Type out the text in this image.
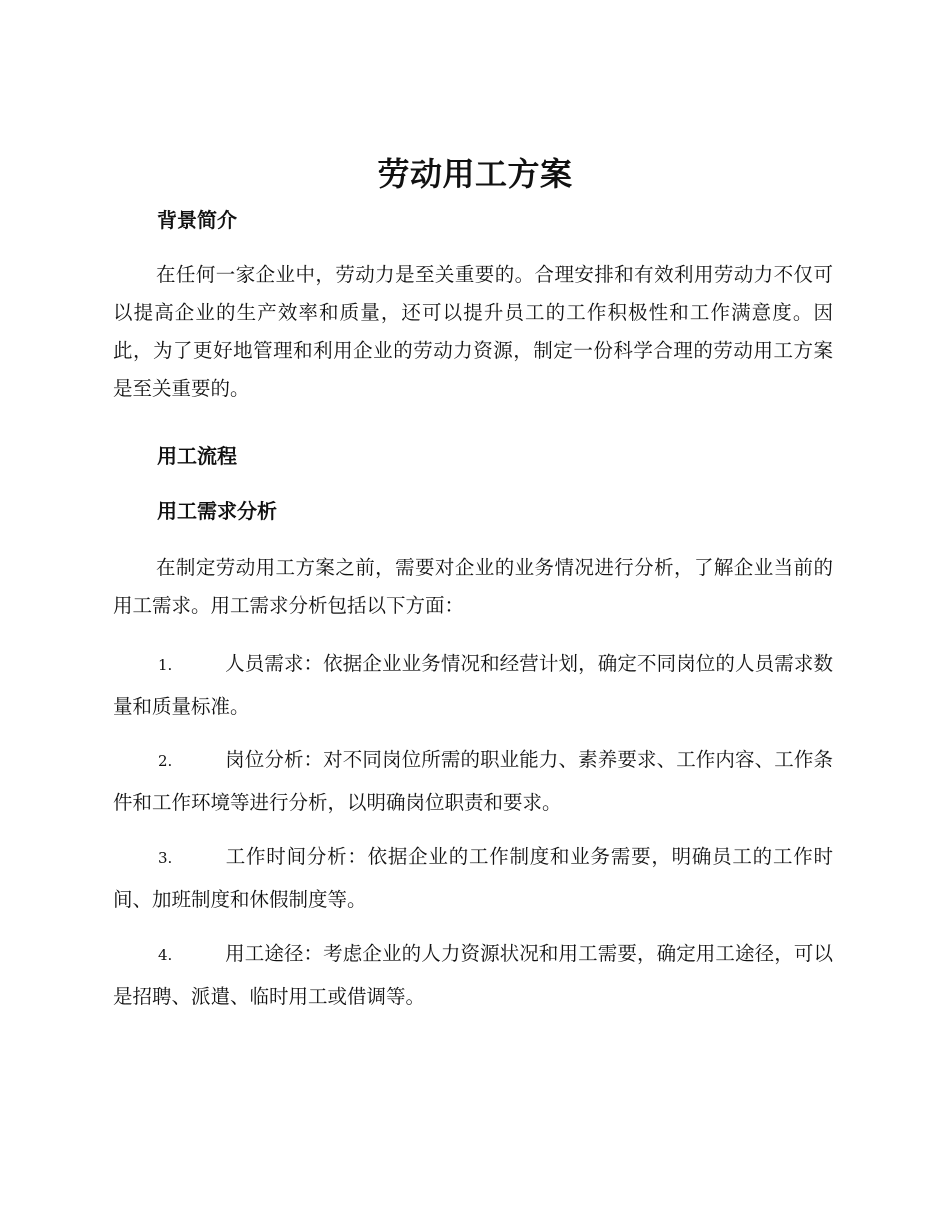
劳动用工方案
背景简介

在任何一家企业中，劳动力是至关重要的。合理安排和有效利用劳动力不仅可以提高企业的生产效率和质量，还可以提升员工的工作积极性和工作满意度。因此，为了更好地管理和利用企业的劳动力资源，制定一份科学合理的劳动用工方案是至关重要的。

用工流程
用工需求分析

在制定劳动用工方案之前，需要对企业的业务情况进行分析，了解企业当前的用工需求。用工需求分析包括以下方面：

1.	人员需求：依据企业业务情况和经营计划，确定不同岗位的人员需求数量和质量标准。

2.	岗位分析：对不同岗位所需的职业能力、素养要求、工作内容、工作条件和工作环境等进行分析，以明确岗位职责和要求。

3.	工作时间分析：依据企业的工作制度和业务需要，明确员工的工作时间、加班制度和休假制度等。

4.	用工途径：考虑企业的人力资源状况和用工需要，确定用工途径，可以是招聘、派遣、临时用工或借调等。
